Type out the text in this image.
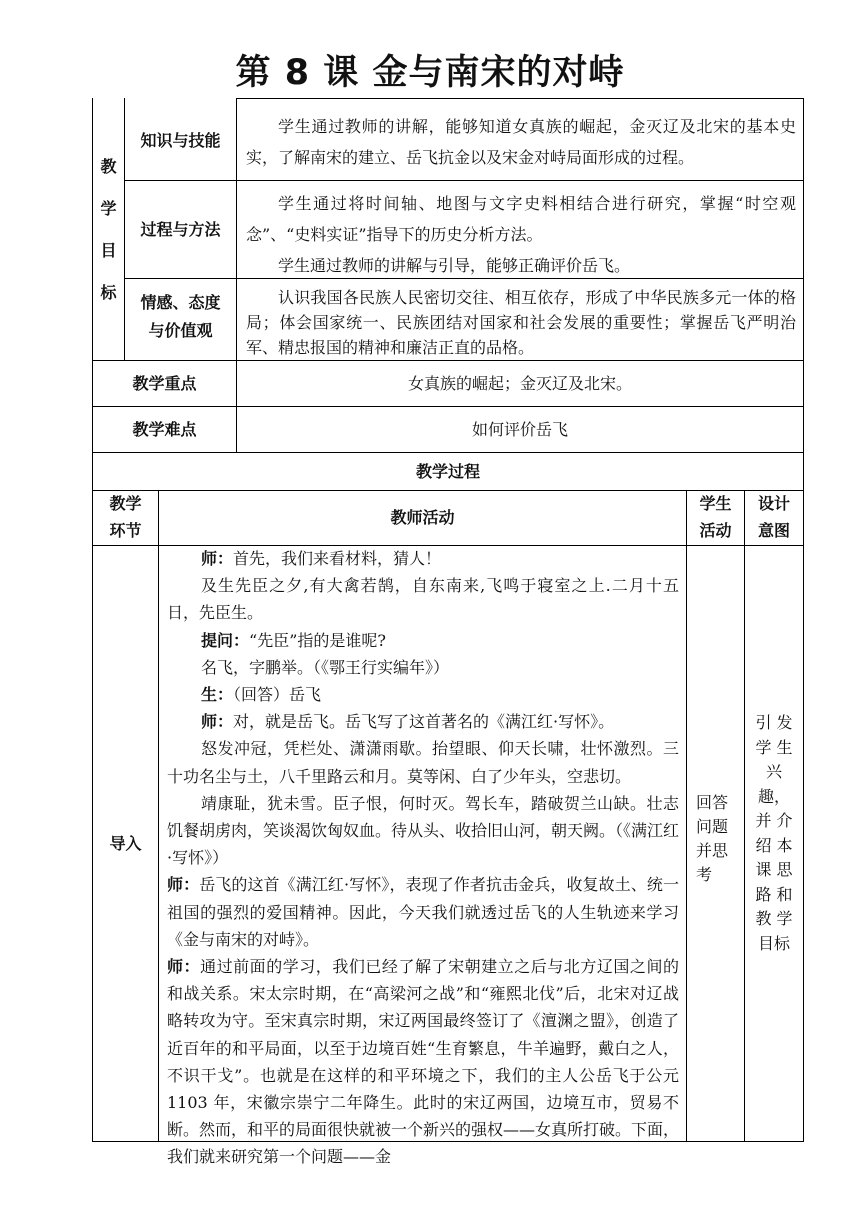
第 8 课 金与南宋的对峙
教
学
目
标
知识与技能
学生通过教师的讲解，能够知道女真族的崛起，金灭辽及北宋的基本史实，了解南宋的建立、岳飞抗金以及宋金对峙局面形成的过程。
过程与方法
学生通过将时间轴、地图与文字史料相结合进行研究，掌握“时空观念”、“史料实证”指导下的历史分析方法。
学生通过教师的讲解与引导，能够正确评价岳飞。
情感、态度
与价值观
认识我国各民族人民密切交往、相互依存，形成了中华民族多元一体的格局；体会国家统一、民族团结对国家和社会发展的重要性；掌握岳飞严明治军、精忠报国的精神和廉洁正直的品格。
教学重点	女真族的崛起；金灭辽及北宋。
教学难点	如何评价岳飞
教学过程
教学
环节
教师活动
学生
活动
设计
意图
导入
师：首先，我们来看材料，猜人！
及生先臣之夕,有大禽若鹄，自东南来,飞鸣于寝室之上.二月十五日，先臣生。
提问：“先臣”指的是谁呢?
名飞，字鹏举。（《鄂王行实编年》）
生：（回答）岳飞
师：对，就是岳飞。岳飞写了这首著名的《满江红·写怀》。
怒发冲冠，凭栏处、潇潇雨歇。抬望眼、仰天长啸，壮怀激烈。三十功名尘与土，八千里路云和月。莫等闲、白了少年头，空悲切。
靖康耻，犹未雪。臣子恨，何时灭。驾长车，踏破贺兰山缺。壮志饥餐胡虏肉，笑谈渴饮匈奴血。待从头、收拾旧山河，朝天阙。（《满江红·写怀》）
师：岳飞的这首《满江红·写怀》，表现了作者抗击金兵，收复故土、统一祖国的强烈的爱国精神。因此，今天我们就透过岳飞的人生轨迹来学习《金与南宋的对峙》。
师：通过前面的学习，我们已经了解了宋朝建立之后与北方辽国之间的和战关系。宋太宗时期，在“高梁河之战”和“雍熙北伐”后，北宋对辽战略转攻为守。至宋真宗时期，宋辽两国最终签订了《澶渊之盟》，创造了近百年的和平局面，以至于边境百姓“生育繁息，牛羊遍野，戴白之人，不识干戈”。也就是在这样的和平环境之下，我们的主人公岳飞于公元 1103 年，宋徽宗崇宁二年降生。此时的宋辽两国，边境互市，贸易不断。然而，和平的局面很快就被一个新兴的强权——女真所打破。下面，我们就来研究第一个问题——金
回答
问题
并思
考
引 发
学 生
兴
趣，
并 介
绍 本
课 思
路 和
教 学
目标
